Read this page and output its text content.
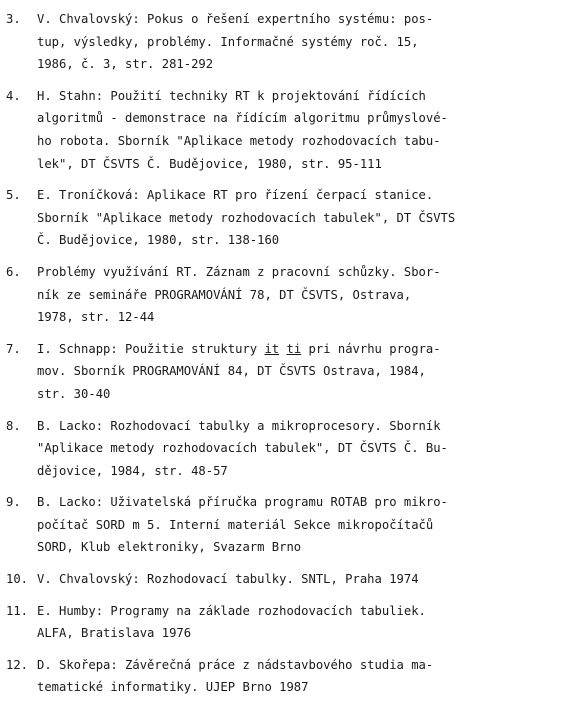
3.	V. Chvalovský: Pokus o řešení expertního systému: pos-
tup, výsledky, problémy. Informačné systémy roč. 15,
1986, č. 3, str. 281-292
4.	H. Stahn: Použití techniky RT k projektování řídících
algoritmů - demonstrace na řídícím algoritmu průmyslové-
ho robota. Sborník "Aplikace metody rozhodovacích tabu-
lek", DT ČSVTS Č. Budějovice, 1980, str. 95-111
5.	E. Troníčková: Aplikace RT pro řízení čerpací stanice.
Sborník "Aplikace metody rozhodovacích tabulek", DT ČSVTS
Č. Budějovice, 1980, str. 138-160
6.	Problémy využívání RT. Záznam z pracovní schůzky. Sbor-
ník ze semináře PROGRAMOVÁNÍ 78, DT ČSVTS, Ostrava,
1978, str. 12-44
7.	I. Schnapp: Použitie struktury it ti pri návrhu progra-
mov. Sborník PROGRAMOVÁNÍ 84, DT ČSVTS Ostrava, 1984,
str. 30-40
8.	B. Lacko: Rozhodovací tabulky a mikroprocesory. Sborník
"Aplikace metody rozhodovacích tabulek", DT ČSVTS Č. Bu-
dějovice, 1984, str. 48-57
9.	B. Lacko: Uživatelská příručka programu ROTAB pro mikro-
počítač SORD m 5. Interní materiál Sekce mikropočítačů
SORD, Klub elektroniky, Svazarm Brno
10. V. Chvalovský: Rozhodovací tabulky. SNTL, Praha 1974
11. E. Humby: Programy na základe rozhodovacích tabuliek.
ALFA, Bratislava 1976
12. D. Skořepa: Závěrečná práce z nádstavbového studia ma-
tematické informatiky. UJEP Brno 1987
